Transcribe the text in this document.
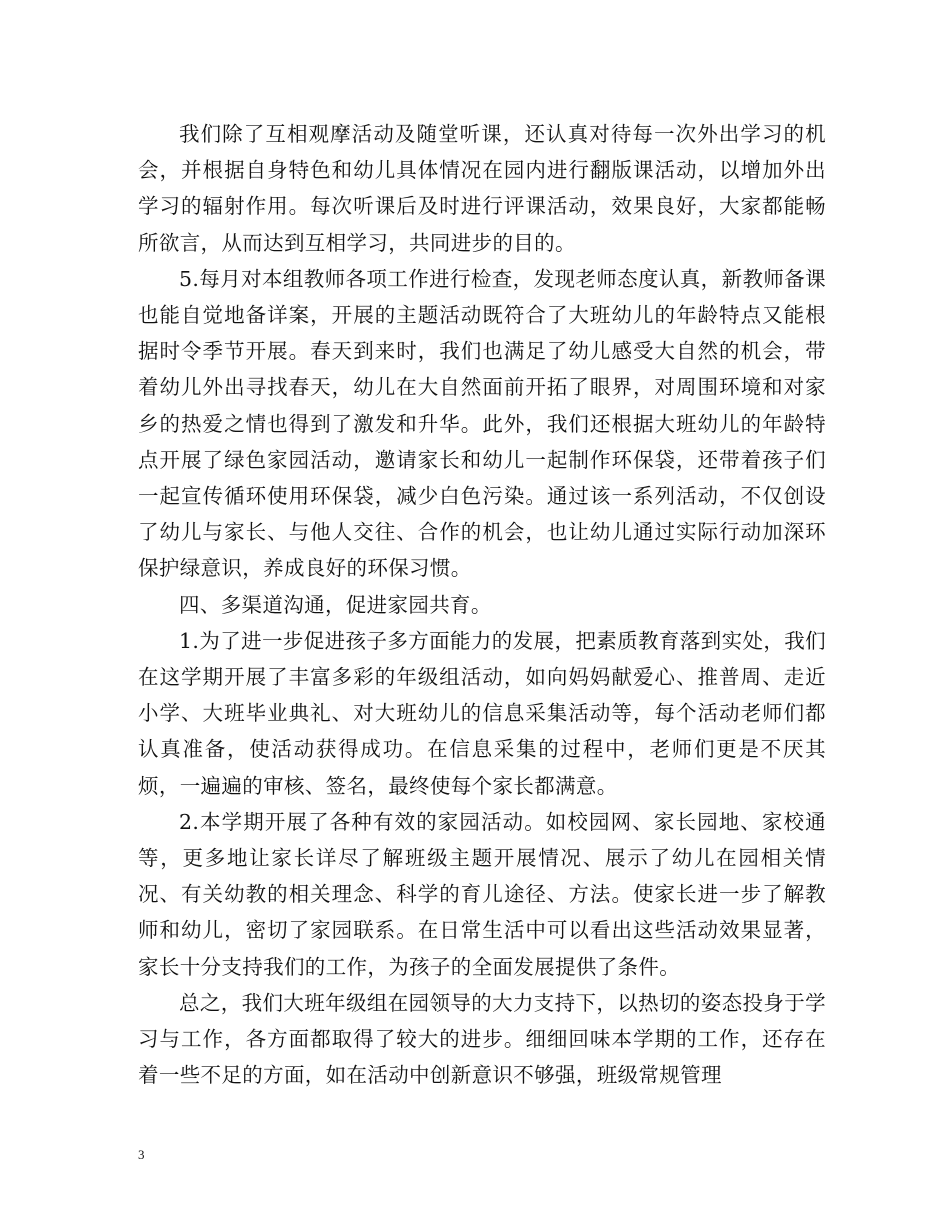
我们除了互相观摩活动及随堂听课，还认真对待每一次外出学习的机会，并根据自身特色和幼儿具体情况在园内进行翻版课活动，以增加外出学习的辐射作用。每次听课后及时进行评课活动，效果良好，大家都能畅所欲言，从而达到互相学习，共同进步的目的。

5.每月对本组教师各项工作进行检查，发现老师态度认真，新教师备课也能自觉地备详案，开展的主题活动既符合了大班幼儿的年龄特点又能根据时令季节开展。春天到来时，我们也满足了幼儿感受大自然的机会，带着幼儿外出寻找春天，幼儿在大自然面前开拓了眼界，对周围环境和对家乡的热爱之情也得到了激发和升华。此外，我们还根据大班幼儿的年龄特点开展了绿色家园活动，邀请家长和幼儿一起制作环保袋，还带着孩子们一起宣传循环使用环保袋，减少白色污染。通过该一系列活动，不仅创设了幼儿与家长、与他人交往、合作的机会，也让幼儿通过实际行动加深环保护绿意识，养成良好的环保习惯。

四、多渠道沟通，促进家园共育。

1.为了进一步促进孩子多方面能力的发展，把素质教育落到实处，我们在这学期开展了丰富多彩的年级组活动，如向妈妈献爱心、推普周、走近小学、大班毕业典礼、对大班幼儿的信息采集活动等，每个活动老师们都认真准备，使活动获得成功。在信息采集的过程中，老师们更是不厌其烦，一遍遍的审核、签名，最终使每个家长都满意。

2.本学期开展了各种有效的家园活动。如校园网、家长园地、家校通等，更多地让家长详尽了解班级主题开展情况、展示了幼儿在园相关情况、有关幼教的相关理念、科学的育儿途径、方法。使家长进一步了解教师和幼儿，密切了家园联系。在日常生活中可以看出这些活动效果显著，家长十分支持我们的工作，为孩子的全面发展提供了条件。

总之，我们大班年级组在园领导的大力支持下，以热切的姿态投身于学习与工作，各方面都取得了较大的进步。细细回味本学期的工作，还存在着一些不足的方面，如在活动中创新意识不够强，班级常规管理

3
